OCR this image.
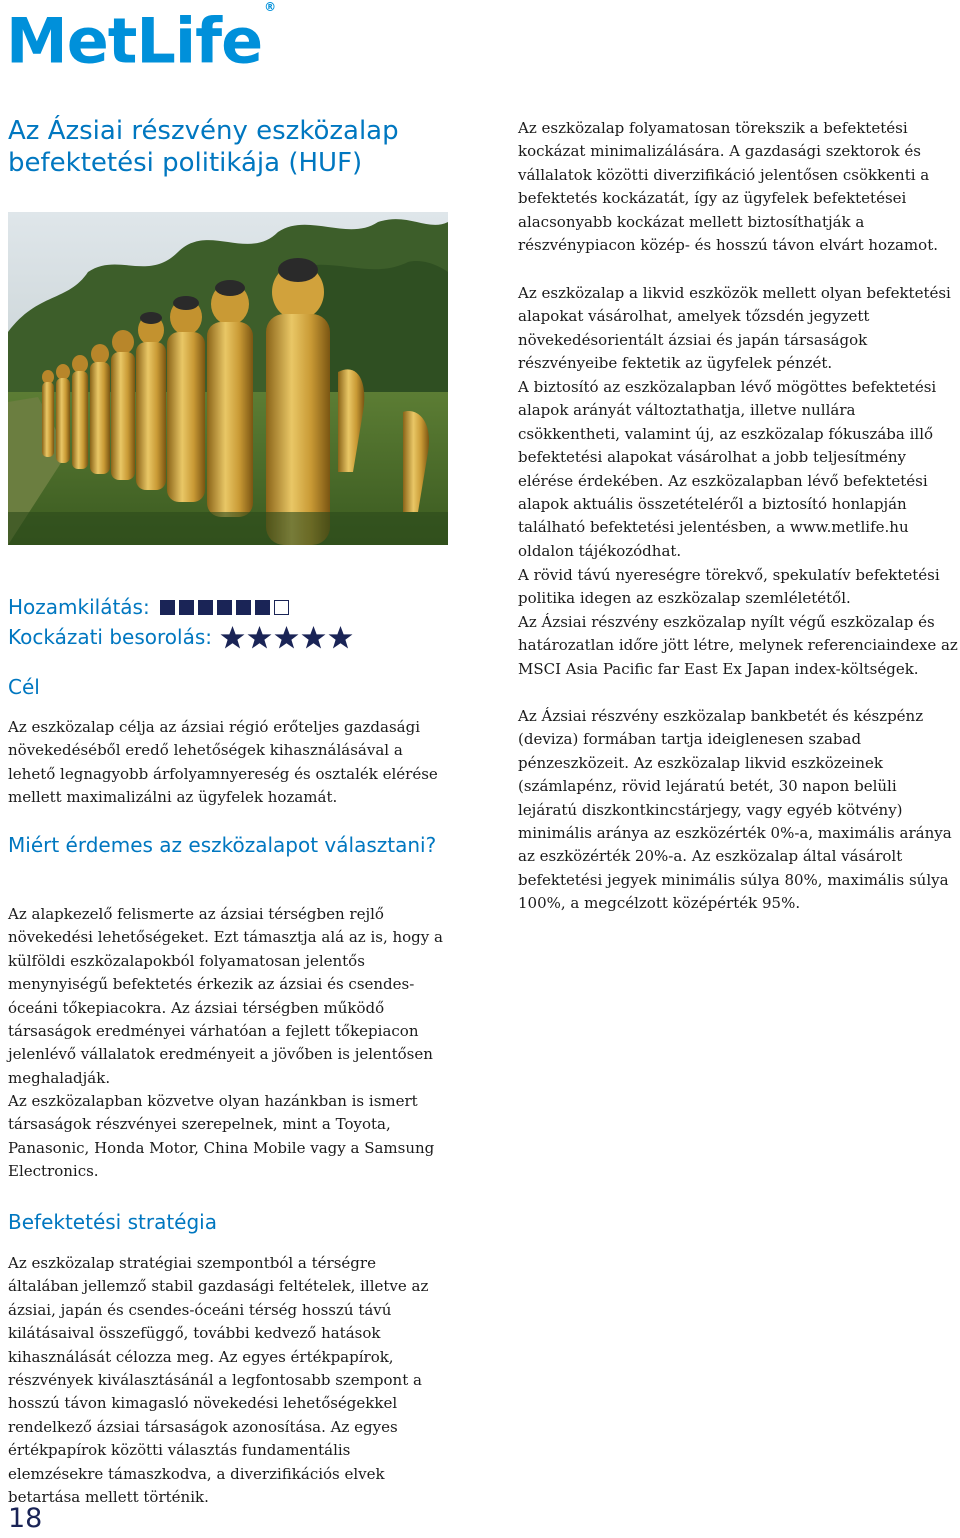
MetLife ®
Az Ázsiai részvény eszközalap befektetési politikája (HUF)
Hozamkilátás:
Kockázati besorolás:
Cél

Az eszközalap célja az ázsiai régió erőteljes gazdasági növekedéséből eredő lehetőségek kihasználásával a lehető legnagyobb árfolyamnyereség és osztalék elérése mellett maximalizálni az ügyfelek hozamát.

Miért érdemes az eszközalapot választani?

Az alapkezelő felismerte az ázsiai térségben rejlő növekedési lehetőségeket. Ezt támasztja alá az is, hogy a külföldi eszközalapokból folyamatosan jelentős menynyiségű befektetés érkezik az ázsiai és csendes-óceáni tőkepiacokra. Az ázsiai térségben működő társaságok eredményei várhatóan a fejlett tőkepiacon jelenlévő vállalatok eredményeit a jövőben is jelentősen meghaladják.

Az eszközalapban közvetve olyan hazánkban is ismert társaságok részvényei szerepelnek, mint a Toyota, Panasonic, Honda Motor, China Mobile vagy a Samsung Electronics.

Befektetési stratégia

Az eszközalap stratégiai szempontból a térségre általában jellemző stabil gazdasági feltételek, illetve az ázsiai, japán és csendes-óceáni térség hosszú távú kilátásaival összefüggő, további kedvező hatások kihasználását célozza meg. Az egyes értékpapírok, részvények kiválasztásánál a legfontosabb szempont a hosszú távon kimagasló növekedési lehetőségekkel rendelkező ázsiai társaságok azonosítása. Az egyes értékpapírok közötti választás fundamentális elemzésekre támaszkodva, a diverzifikációs elvek betartása mellett történik.

Az eszközalap folyamatosan törekszik a befektetési kockázat minimalizálására. A gazdasági szektorok és vállalatok közötti diverzifikáció jelentősen csökkenti a befektetés kockázatát, így az ügyfelek befektetései alacsonyabb kockázat mellett biztosíthatják a részvénypiacon közép- és hosszú távon elvárt hozamot.

Az eszközalap a likvid eszközök mellett olyan befektetési alapokat vásárolhat, amelyek tőzsdén jegyzett növekedésorientált ázsiai és japán társaságok részvényeibe fektetik az ügyfelek pénzét.

A biztosító az eszközalapban lévő mögöttes befektetési alapok arányát változtathatja, illetve nullára csökkentheti, valamint új, az eszközalap fókuszába illő befektetési alapokat vásárolhat a jobb teljesítmény elérése érdekében. Az eszközalapban lévő befektetési alapok aktuális összetételéről a biztosító honlapján található befektetési jelentésben, a www.metlife.hu oldalon tájékozódhat.

A rövid távú nyereségre törekvő, spekulatív befektetési politika idegen az eszközalap szemléletétől.

Az Ázsiai részvény eszközalap nyílt végű eszközalap és határozatlan időre jött létre, melynek referenciaindexe az MSCI Asia Pacific far East Ex Japan index-költségek.

Az Ázsiai részvény eszközalap bankbetét és készpénz (deviza) formában tartja ideiglenesen szabad pénzeszközeit. Az eszközalap likvid eszközeinek (számlapénz, rövid lejáratú betét, 30 napon belüli lejáratú diszkontkincstárjegy, vagy egyéb kötvény) minimális aránya az eszközérték 0%-a, maximális aránya az eszközérték 20%-a. Az eszközalap által vásárolt befektetési jegyek minimális súlya 80%, maximális súlya 100%, a megcélzott középérték 95%.

18
